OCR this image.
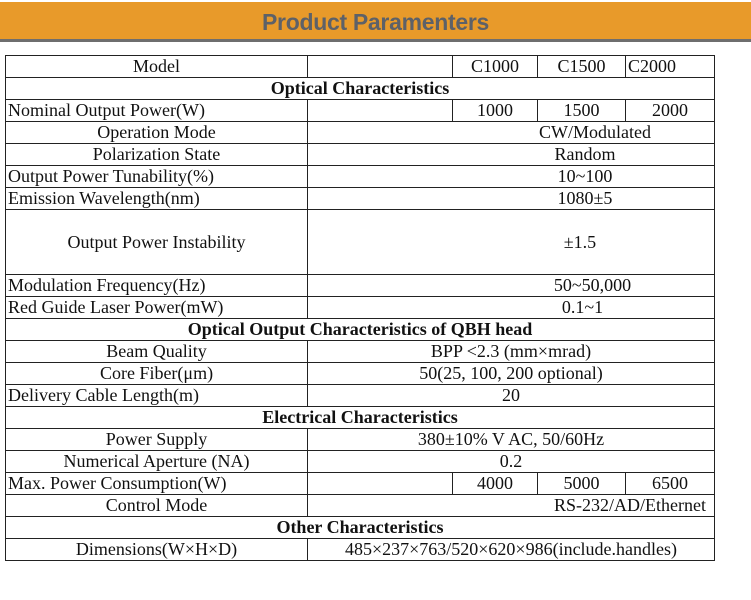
Product Paramenters
Model		C1000	C1500	C2000
Optical Characteristics				
Nominal Output Power(W)		1000	1500	2000
Operation Mode	CW/Modulated			
Polarization State	Random			
Output Power Tunability(%)	10~100			
Emission Wavelength(nm)	1080±5			
Output Power Instability	±1.5			
Modulation Frequency(Hz)	50~50,000			
Red Guide Laser Power(mW)	0.1~1			
Optical Output Characteristics of QBH head				
Beam Quality	BPP <2.3 (mm×mrad)			
Core Fiber(μm)	50(25, 100, 200 optional)			
Delivery Cable Length(m)	20			
Electrical Characteristics				
Power Supply	380±10% V AC, 50/60Hz			
Numerical Aperture (NA)	0.2			
Max. Power Consumption(W)		4000	5000	6500
Control Mode	RS-232/AD/Ethernet			
Other Characteristics				
Dimensions(W×H×D)	485×237×763/520×620×986(include.handles)			
